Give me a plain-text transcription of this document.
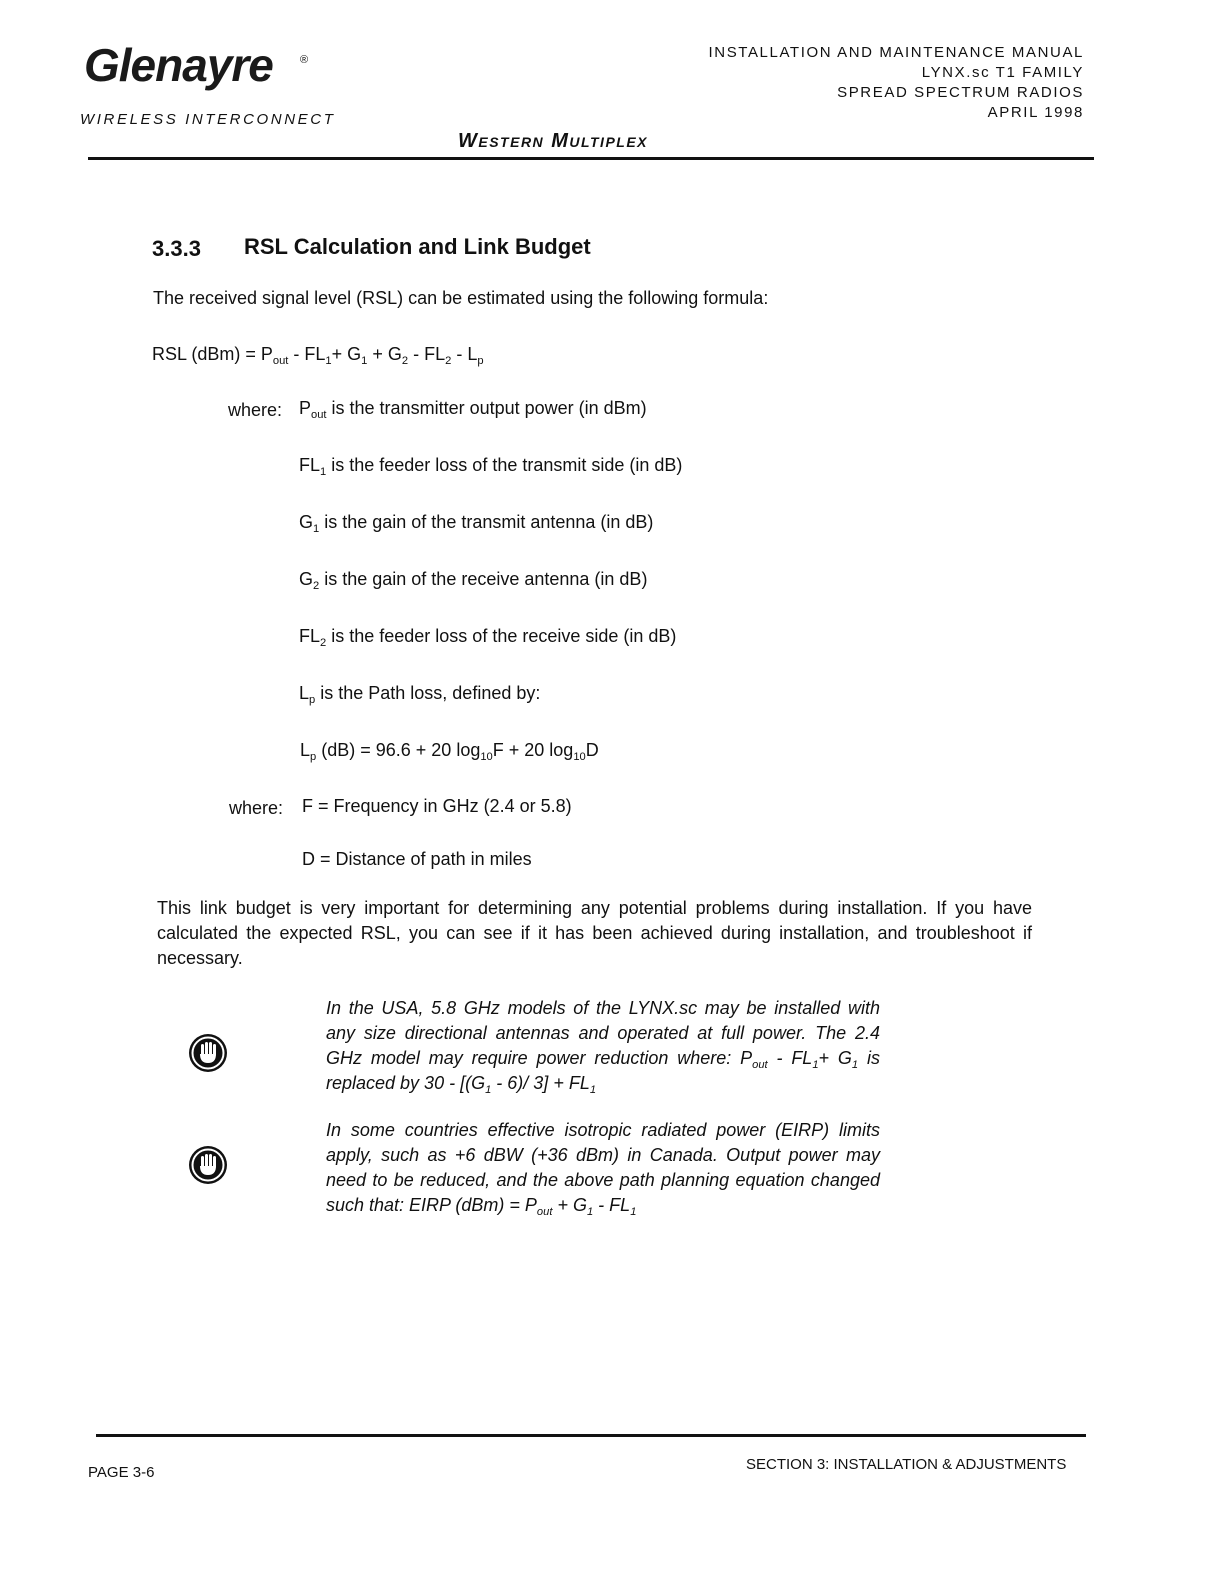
Glenayre ®
WIRELESS INTERCONNECT
INSTALLATION AND MAINTENANCE MANUAL
LYNX.sc T1 FAMILY
SPREAD SPECTRUM RADIOS
APRIL 1998
Western Multiplex
3.3.3 RSL Calculation and Link Budget
The received signal level (RSL) can be estimated using the following formula:
RSL $(dBm) = P_{out} - FL_1+ G_1 + G_2 - FL_2 - L_p$
where: $P_{out}$ is the transmitter output power (in dBm)
$FL_1$ is the feeder loss of the transmit side (in dB)
$G_1$ is the gain of the transmit antenna (in dB)
$G_2$ is the gain of the receive antenna (in dB)
$FL_2$ is the feeder loss of the receive side (in dB)
$L_p$ is the Path loss, defined by:
$L_p$ (dB) = 96.6 + 20 $\log_{10}F + 20$ $\log_{10}D$
where: F = Frequency in GHz (2.4 or 5.8)
D = Distance of path in miles
This link budget is very important for determining any potential problems during installation. If you have calculated the expected RSL, you can see if it has been achieved during installation, and troubleshoot if necessary.
In the USA, 5.8 GHz models of the LYNX.sc may be installed with any size directional antennas and operated at full power. The 2.4 GHz model may require power reduction where: $P_{out} - FL_1+ G_1$ is replaced by $30 - [(G_1 - 6)/$ $3] + FL_1$
In some countries effective isotropic radiated power (EIRP) limits apply, such as +6 dBW (+36 dBm) in Canada. Output power may need to be reduced, and the above path planning equation changed such that: EIRP $(dBm) = P_{out} + G_1 - FL_1$
PAGE 3-6	SECTION 3: INSTALLATION & ADJUSTMENTS
